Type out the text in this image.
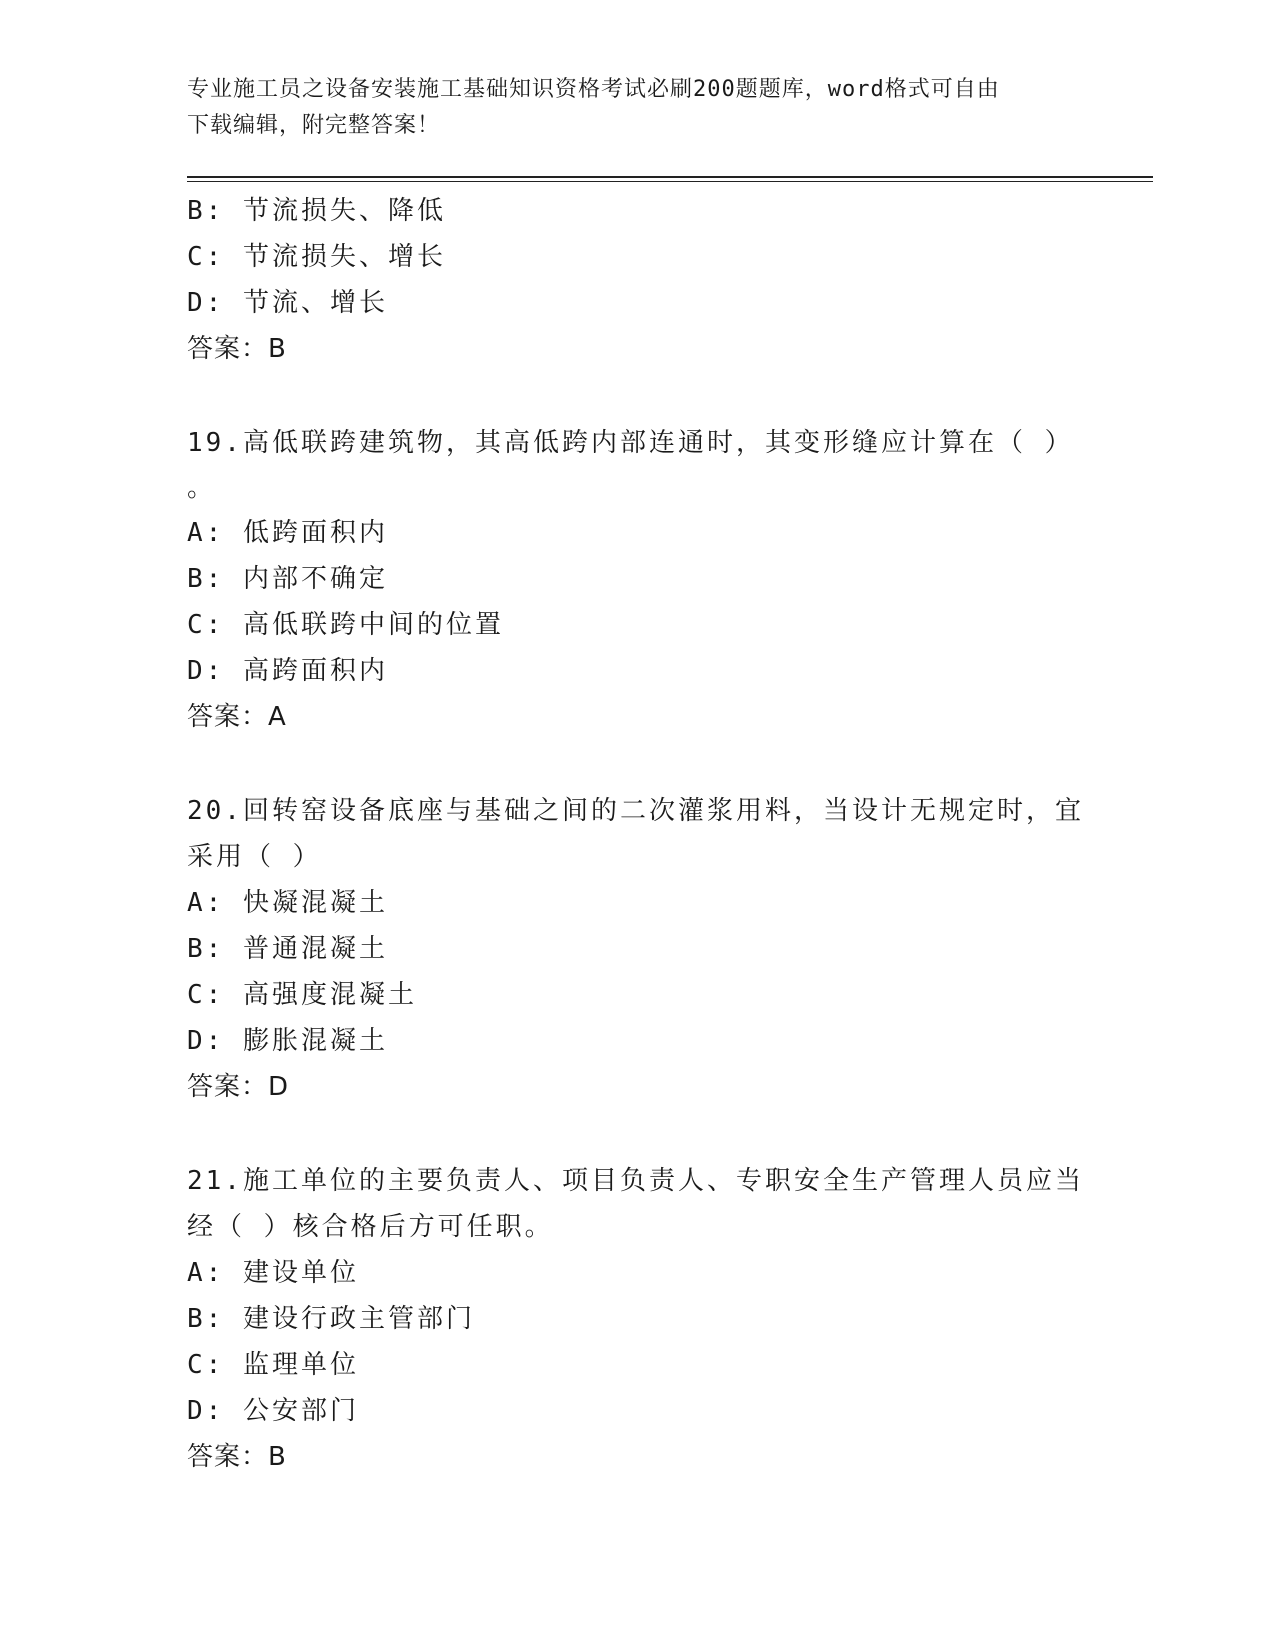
专业施工员之设备安装施工基础知识资格考试必刷200题题库，word格式可自由
下载编辑，附完整答案！
B: 节流损失、降低
C: 节流损失、增长
D: 节流、增长
答案：B
19.高低联跨建筑物，其高低跨内部连通时，其变形缝应计算在（ ）
。
A: 低跨面积内
B: 内部不确定
C: 高低联跨中间的位置
D: 高跨面积内
答案：A
20.回转窑设备底座与基础之间的二次灌浆用料，当设计无规定时，宜
采用（ ）
A: 快凝混凝土
B: 普通混凝土
C: 高强度混凝土
D: 膨胀混凝土
答案：D
21.施工单位的主要负责人、项目负责人、专职安全生产管理人员应当
经（ ）核合格后方可任职。
A: 建设单位
B: 建设行政主管部门
C: 监理单位
D: 公安部门
答案：B
